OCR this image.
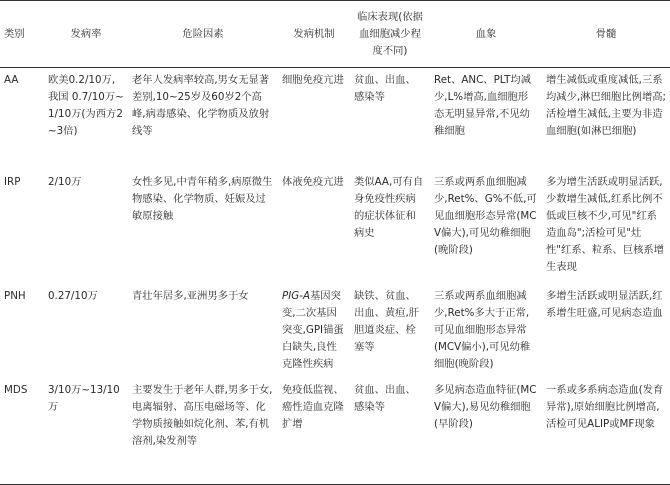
类别	发病率	危险因素	发病机制	临床表现(依据血细胞减少程度不同)	血象	骨髓
AA	欧美0.2/10万,我国 0.7/10万~1/10万(为西方2~3倍)	老年人发病率较高,男女无显著差别,10~25岁及60岁2个高峰,病毒感染、化学物质及放射线等	细胞免疫亢进	贫血、出血、感染等	Ret、ANC、PLT均减少,L%增高,血细胞形态无明显异常,不见幼稚细胞	增生减低或重度减低,三系均减少,淋巴细胞比例增高;活检增生减低,主要为非造血细胞(如淋巴细胞)
IRP	2/10万	女性多见,中青年稍多,病原微生物感染、化学物质、妊娠及过敏原接触	体液免疫亢进	类似AA,可有自身免疫性疾病的症状体征和病史	三系或两系血细胞减少,Ret%、G%不低,可见血细胞形态异常(MCV偏大),可见幼稚细胞(晚阶段)	多为增生活跃或明显活跃,少数增生减低,红系比例不低或巨核不少,可见"红系造血岛";活检可见"灶性"红系、粒系、巨核系增生表现
PNH	0.27/10万	青壮年居多,亚洲男多于女	PIG-A基因突变,二次基因突变,GPI锚蛋白缺失,良性克隆性疾病	缺铁、贫血、出血、黄疸,肝胆道炎症、栓塞等	三系或两系血细胞减少,Ret%多大于正常,可见血细胞形态异常(MCV偏小),可见幼稚细胞(晚阶段)	多增生活跃或明显活跃,红系增生旺盛,可见病态造血
MDS	3/10万~13/10万	主要发生于老年人群,男多于女,电离辐射、高压电磁场等、化学物质接触如烷化剂、苯,有机溶剂,染发剂等	免疫低监视、癌性造血克隆扩增	贫血、出血、感染等	多见病态造血特征(MCV偏大),易见幼稚细胞(早阶段)	一系或多系病态造血(发育异常),原始细胞比例增高,活检可见ALIP或MF现象
